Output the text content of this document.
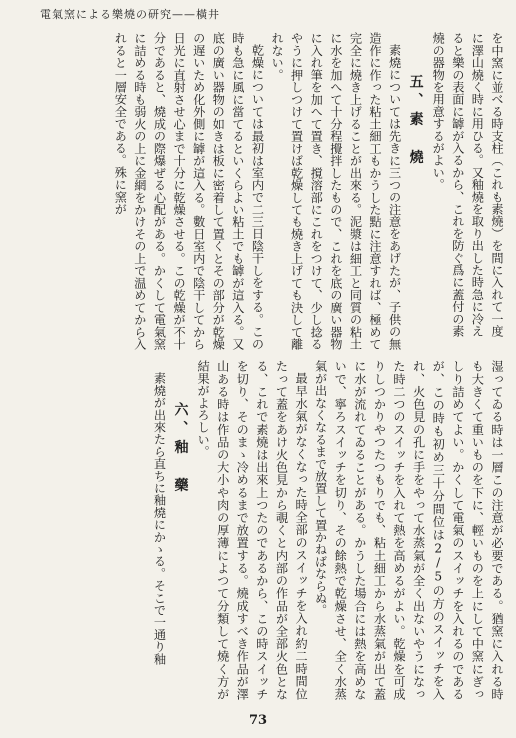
電氣窯による樂燒の研究——橫井

を中窯に並べる時支柱（これも素燒）を間に入れて一度

に澤山燒く時に用ひる。又釉燒を取り出した時急に冷え

ると樂の表面に罅が入るから、これを防ぐ爲に蓋付の素

燒の器物を用意するがよい。

五、素　燒

素燒については先きに三つの注意をあげたが、子供の無造作に作った粘土細工もかうした點に注意すれば、極めて完全に燒き上げることが出來る。泥漿は細工と同質の粘土に水を加へて十分程攪拌したもので、これを底の廣い器物に入れ筆を加へて置き、撹溶部にこれをつけて、少し捻るやうに押しつけて置けば乾燥しても燒き上げても決して離れない。

乾燥については最初は室内で二三日陰干しをする。この時も急に風に當てるといくらよい粘土でも罅が這入る。又底の廣い器物の如きは板に密着して置くとその部分が乾燥の遅いため化外側に罅が這入る。數日室内で陰干してから日光に直射させ心まで十分に乾燥させる。この乾燥が不十分であると、燒成の際爆ぜる心配がある。かくして電氣窯に詰める時も弱火の上に金網をかけその上で温めてから入れると一層安全である。殊に窯が

湿ってゐる時は一層この注意が必要である。猶窯に入れる時も大きくて重いものを下に、輕いものを上にして中窯にぎっしり詰めてよい。かくして電氣のスイッチを入れるのであるが、この時も初め三十分間位は2/5の方のスイッチを入れ、火色見の孔に手をやって水蒸氣が全く出ないやうになった時二つのスイッチを入れて熱を高めるがよい。乾燥を可成りしつかりやつたつもりでも、粘土細工から水蒸氣が出て蓋に水が流れてゐることがある。かうした場合には熱を高めないで、寧ろスイッチを切り、その餘熱で乾燥させ、全く水蒸氣が出なくなるまで放置して置かねばならぬ。

最早水氣がなくなった時全部のスイッチを入れ約二時間位たって蓋をあけ火色見から覗くと内部の作品が全部火色となる、これで素燒は出來上つたのであるから、この時スイッチを切り、そのまゝ冷めるまで放置する。燒成すべき作品が澤山ある時は作品の大小や肉の厚薄によつて分類して燒く方が結果がよろしい。

六、釉　藥

素燒が出來たら直ちに釉燒にかゝる。そこで一通り釉

73
